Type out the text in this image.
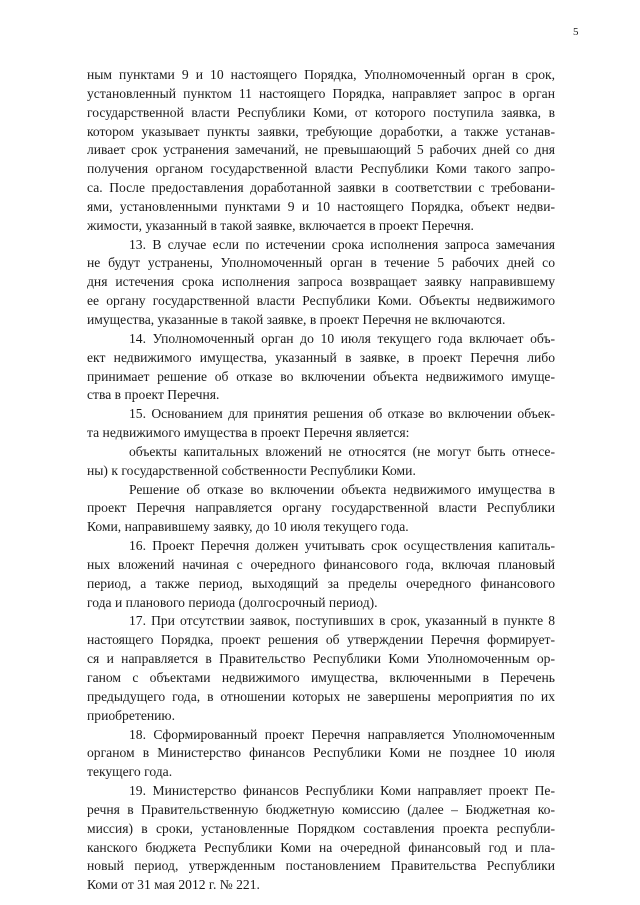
5
ным пунктами 9 и 10 настоящего Порядка, Уполномоченный орган в срок,
установленный пунктом 11 настоящего Порядка, направляет запрос в орган
государственной власти Республики Коми, от которого поступила заявка, в
котором указывает пункты заявки, требующие доработки, а также устанав-
ливает срок устранения замечаний, не превышающий 5 рабочих дней со дня
получения органом государственной власти Республики Коми такого запро-
са. После предоставления доработанной заявки в соответствии с требовани-
ями, установленными пунктами 9 и 10 настоящего Порядка, объект недви-
жимости, указанный в такой заявке, включается в проект Перечня.
13. В случае если по истечении срока исполнения запроса замечания
не будут устранены, Уполномоченный орган в течение 5 рабочих дней со
дня истечения срока исполнения запроса возвращает заявку направившему
ее органу государственной власти Республики Коми. Объекты недвижимого
имущества, указанные в такой заявке, в проект Перечня не включаются.
14. Уполномоченный орган до 10 июля текущего года включает объ-
ект недвижимого имущества, указанный в заявке, в проект Перечня либо
принимает решение об отказе во включении объекта недвижимого имуще-
ства в проект Перечня.
15. Основанием для принятия решения об отказе во включении объек-
та недвижимого имущества в проект Перечня является:
объекты капитальных вложений не относятся (не могут быть отнесе-
ны) к государственной собственности Республики Коми.
Решение об отказе во включении объекта недвижимого имущества в
проект Перечня направляется органу государственной власти Республики
Коми, направившему заявку, до 10 июля текущего года.
16. Проект Перечня должен учитывать срок осуществления капиталь-
ных вложений начиная с очередного финансового года, включая плановый
период, а также период, выходящий за пределы очередного финансового
года и планового периода (долгосрочный период).
17. При отсутствии заявок, поступивших в срок, указанный в пункте 8
настоящего Порядка, проект решения об утверждении Перечня формирует-
ся и направляется в Правительство Республики Коми Уполномоченным ор-
ганом с объектами недвижимого имущества, включенными в Перечень
предыдущего года, в отношении которых не завершены мероприятия по их
приобретению.
18. Сформированный проект Перечня направляется Уполномоченным
органом в Министерство финансов Республики Коми не позднее 10 июля
текущего года.
19. Министерство финансов Республики Коми направляет проект Пе-
речня в Правительственную бюджетную комиссию (далее – Бюджетная ко-
миссия) в сроки, установленные Порядком составления проекта республи-
канского бюджета Республики Коми на очередной финансовый год и пла-
новый период, утвержденным постановлением Правительства Республики
Коми от 31 мая 2012 г. № 221.
